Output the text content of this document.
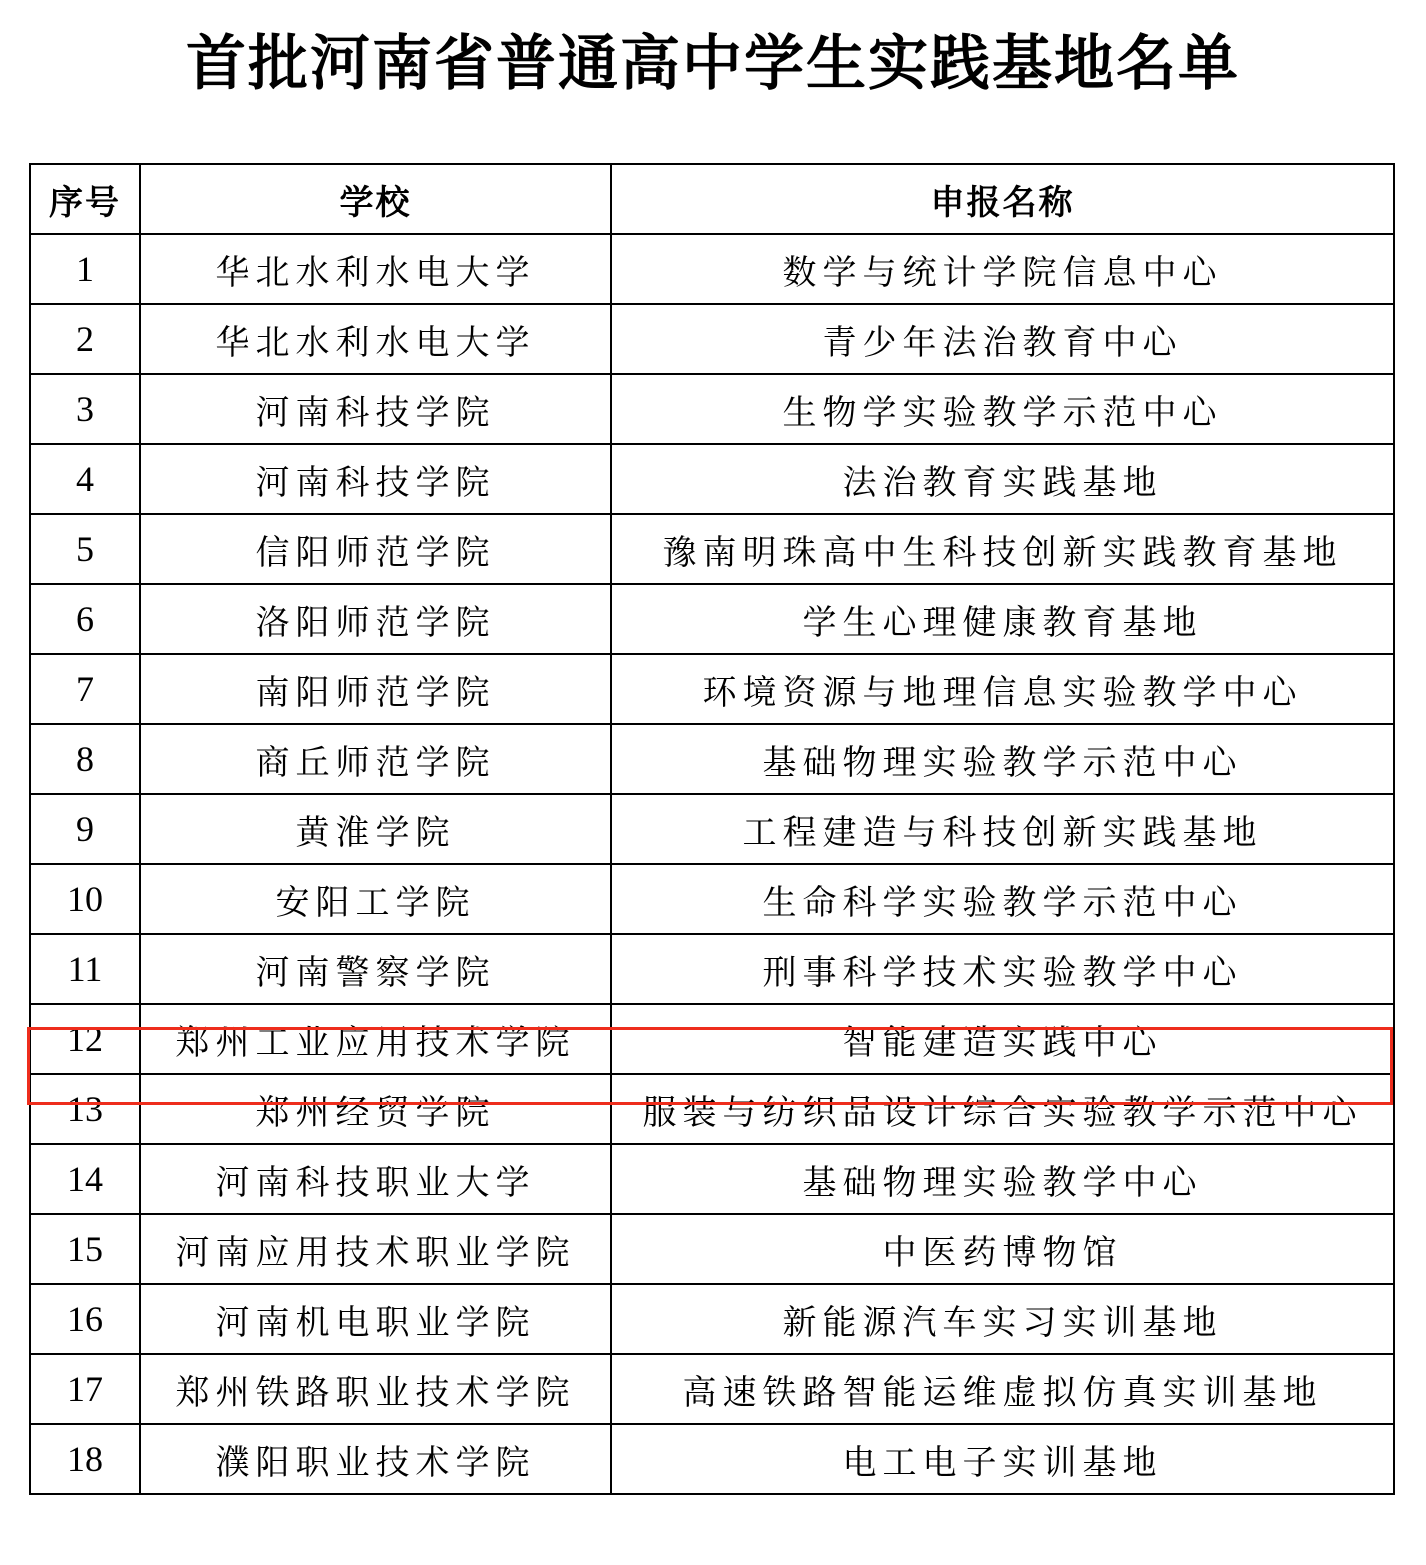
首批河南省普通高中学生实践基地名单
序号	学校	申报名称
1	华北水利水电大学	数学与统计学院信息中心
2	华北水利水电大学	青少年法治教育中心
3	河南科技学院	生物学实验教学示范中心
4	河南科技学院	法治教育实践基地
5	信阳师范学院	豫南明珠高中生科技创新实践教育基地
6	洛阳师范学院	学生心理健康教育基地
7	南阳师范学院	环境资源与地理信息实验教学中心
8	商丘师范学院	基础物理实验教学示范中心
9	黄淮学院	工程建造与科技创新实践基地
10	安阳工学院	生命科学实验教学示范中心
11	河南警察学院	刑事科学技术实验教学中心
12	郑州工业应用技术学院	智能建造实践中心
13	郑州经贸学院	服装与纺织品设计综合实验教学示范中心
14	河南科技职业大学	基础物理实验教学中心
15	河南应用技术职业学院	中医药博物馆
16	河南机电职业学院	新能源汽车实习实训基地
17	郑州铁路职业技术学院	高速铁路智能运维虚拟仿真实训基地
18	濮阳职业技术学院	电工电子实训基地
